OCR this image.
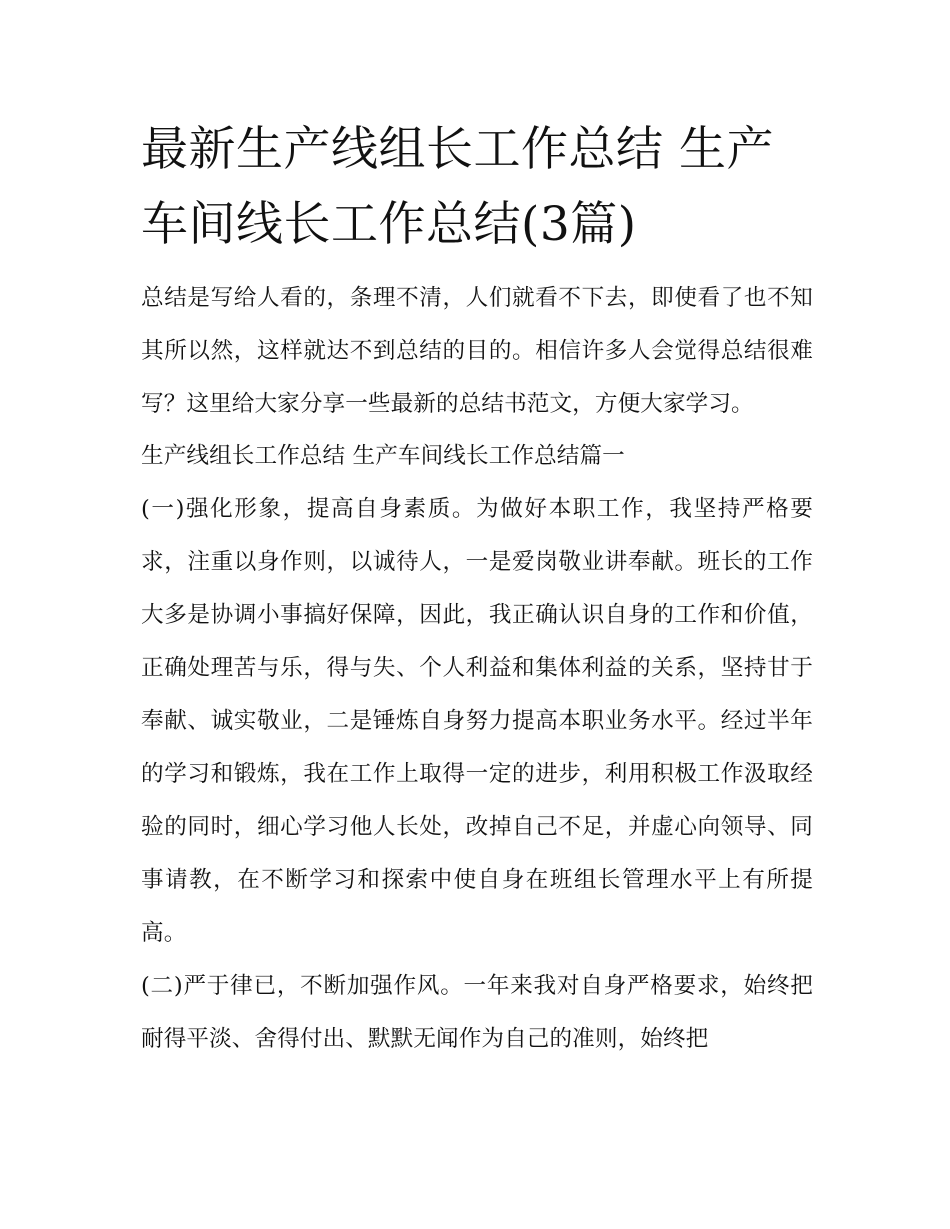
最新生产线组长工作总结 生产车间线长工作总结(3篇)

总结是写给人看的，条理不清，人们就看不下去，即使看了也不知其所以然，这样就达不到总结的目的。相信许多人会觉得总结很难写？这里给大家分享一些最新的总结书范文，方便大家学习。

生产线组长工作总结 生产车间线长工作总结篇一

(一)强化形象，提高自身素质。为做好本职工作，我坚持严格要求，注重以身作则，以诚待人，一是爱岗敬业讲奉献。班长的工作大多是协调小事搞好保障，因此，我正确认识自身的工作和价值，正确处理苦与乐，得与失、个人利益和集体利益的关系，坚持甘于奉献、诚实敬业，二是锤炼自身努力提高本职业务水平。经过半年的学习和锻炼，我在工作上取得一定的进步，利用积极工作汲取经验的同时，细心学习他人长处，改掉自己不足，并虚心向领导、同事请教，在不断学习和探索中使自身在班组长管理水平上有所提高。

(二)严于律已，不断加强作风。一年来我对自身严格要求，始终把耐得平淡、舍得付出、默默无闻作为自己的准则，始终把
